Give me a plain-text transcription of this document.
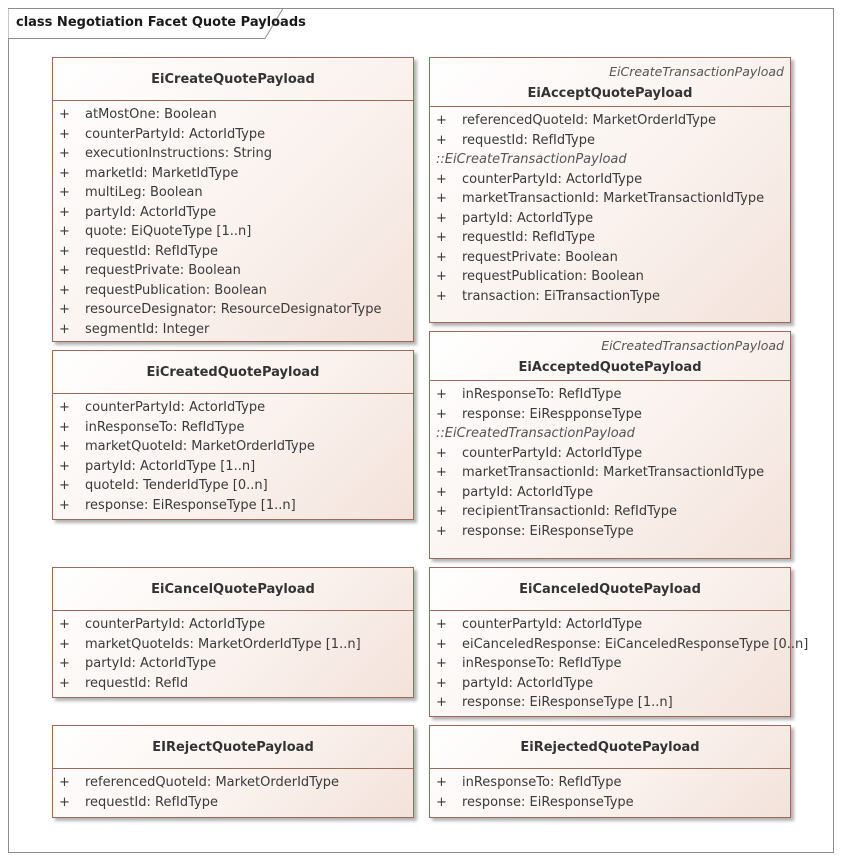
class Negotiation Facet Quote Payloads
EiCreateQuotePayload
+ atMostOne: Boolean
+ counterPartyId: ActorIdType
+ executionInstructions: String
+ marketId: MarketIdType
+ multiLeg: Boolean
+ partyId: ActorIdType
+ quote: EiQuoteType [1..n]
+ requestId: RefIdType
+ requestPrivate: Boolean
+ requestPublication: Boolean
+ resourceDesignator: ResourceDesignatorType
+ segmentId: Integer
EiCreateTransactionPayload
EiAcceptQuotePayload
+ referencedQuoteId: MarketOrderIdType
+ requestId: RefIdType
::EiCreateTransactionPayload
+ counterPartyId: ActorIdType
+ marketTransactionId: MarketTransactionIdType
+ partyId: ActorIdType
+ requestId: RefIdType
+ requestPrivate: Boolean
+ requestPublication: Boolean
+ transaction: EiTransactionType
EiCreatedQuotePayload
+ counterPartyId: ActorIdType
+ inResponseTo: RefIdType
+ marketQuoteId: MarketOrderIdType
+ partyId: ActorIdType [1..n]
+ quoteId: TenderIdType [0..n]
+ response: EiResponseType [1..n]
EiCreatedTransactionPayload
EiAcceptedQuotePayload
+ inResponseTo: RefIdType
+ response: EiRespponseType
::EiCreatedTransactionPayload
+ counterPartyId: ActorIdType
+ marketTransactionId: MarketTransactionIdType
+ partyId: ActorIdType
+ recipientTransactionId: RefIdType
+ response: EiResponseType
EiCancelQuotePayload
+ counterPartyId: ActorIdType
+ marketQuoteIds: MarketOrderIdType [1..n]
+ partyId: ActorIdType
+ requestId: RefId
EiCanceledQuotePayload
+ counterPartyId: ActorIdType
+ eiCanceledResponse: EiCanceledResponseType [0..n]
+ inResponseTo: RefIdType
+ partyId: ActorIdType
+ response: EiResponseType [1..n]
EIRejectQuotePayload
+ referencedQuoteId: MarketOrderIdType
+ requestId: RefIdType
EiRejectedQuotePayload
+ inResponseTo: RefIdType
+ response: EiResponseType
